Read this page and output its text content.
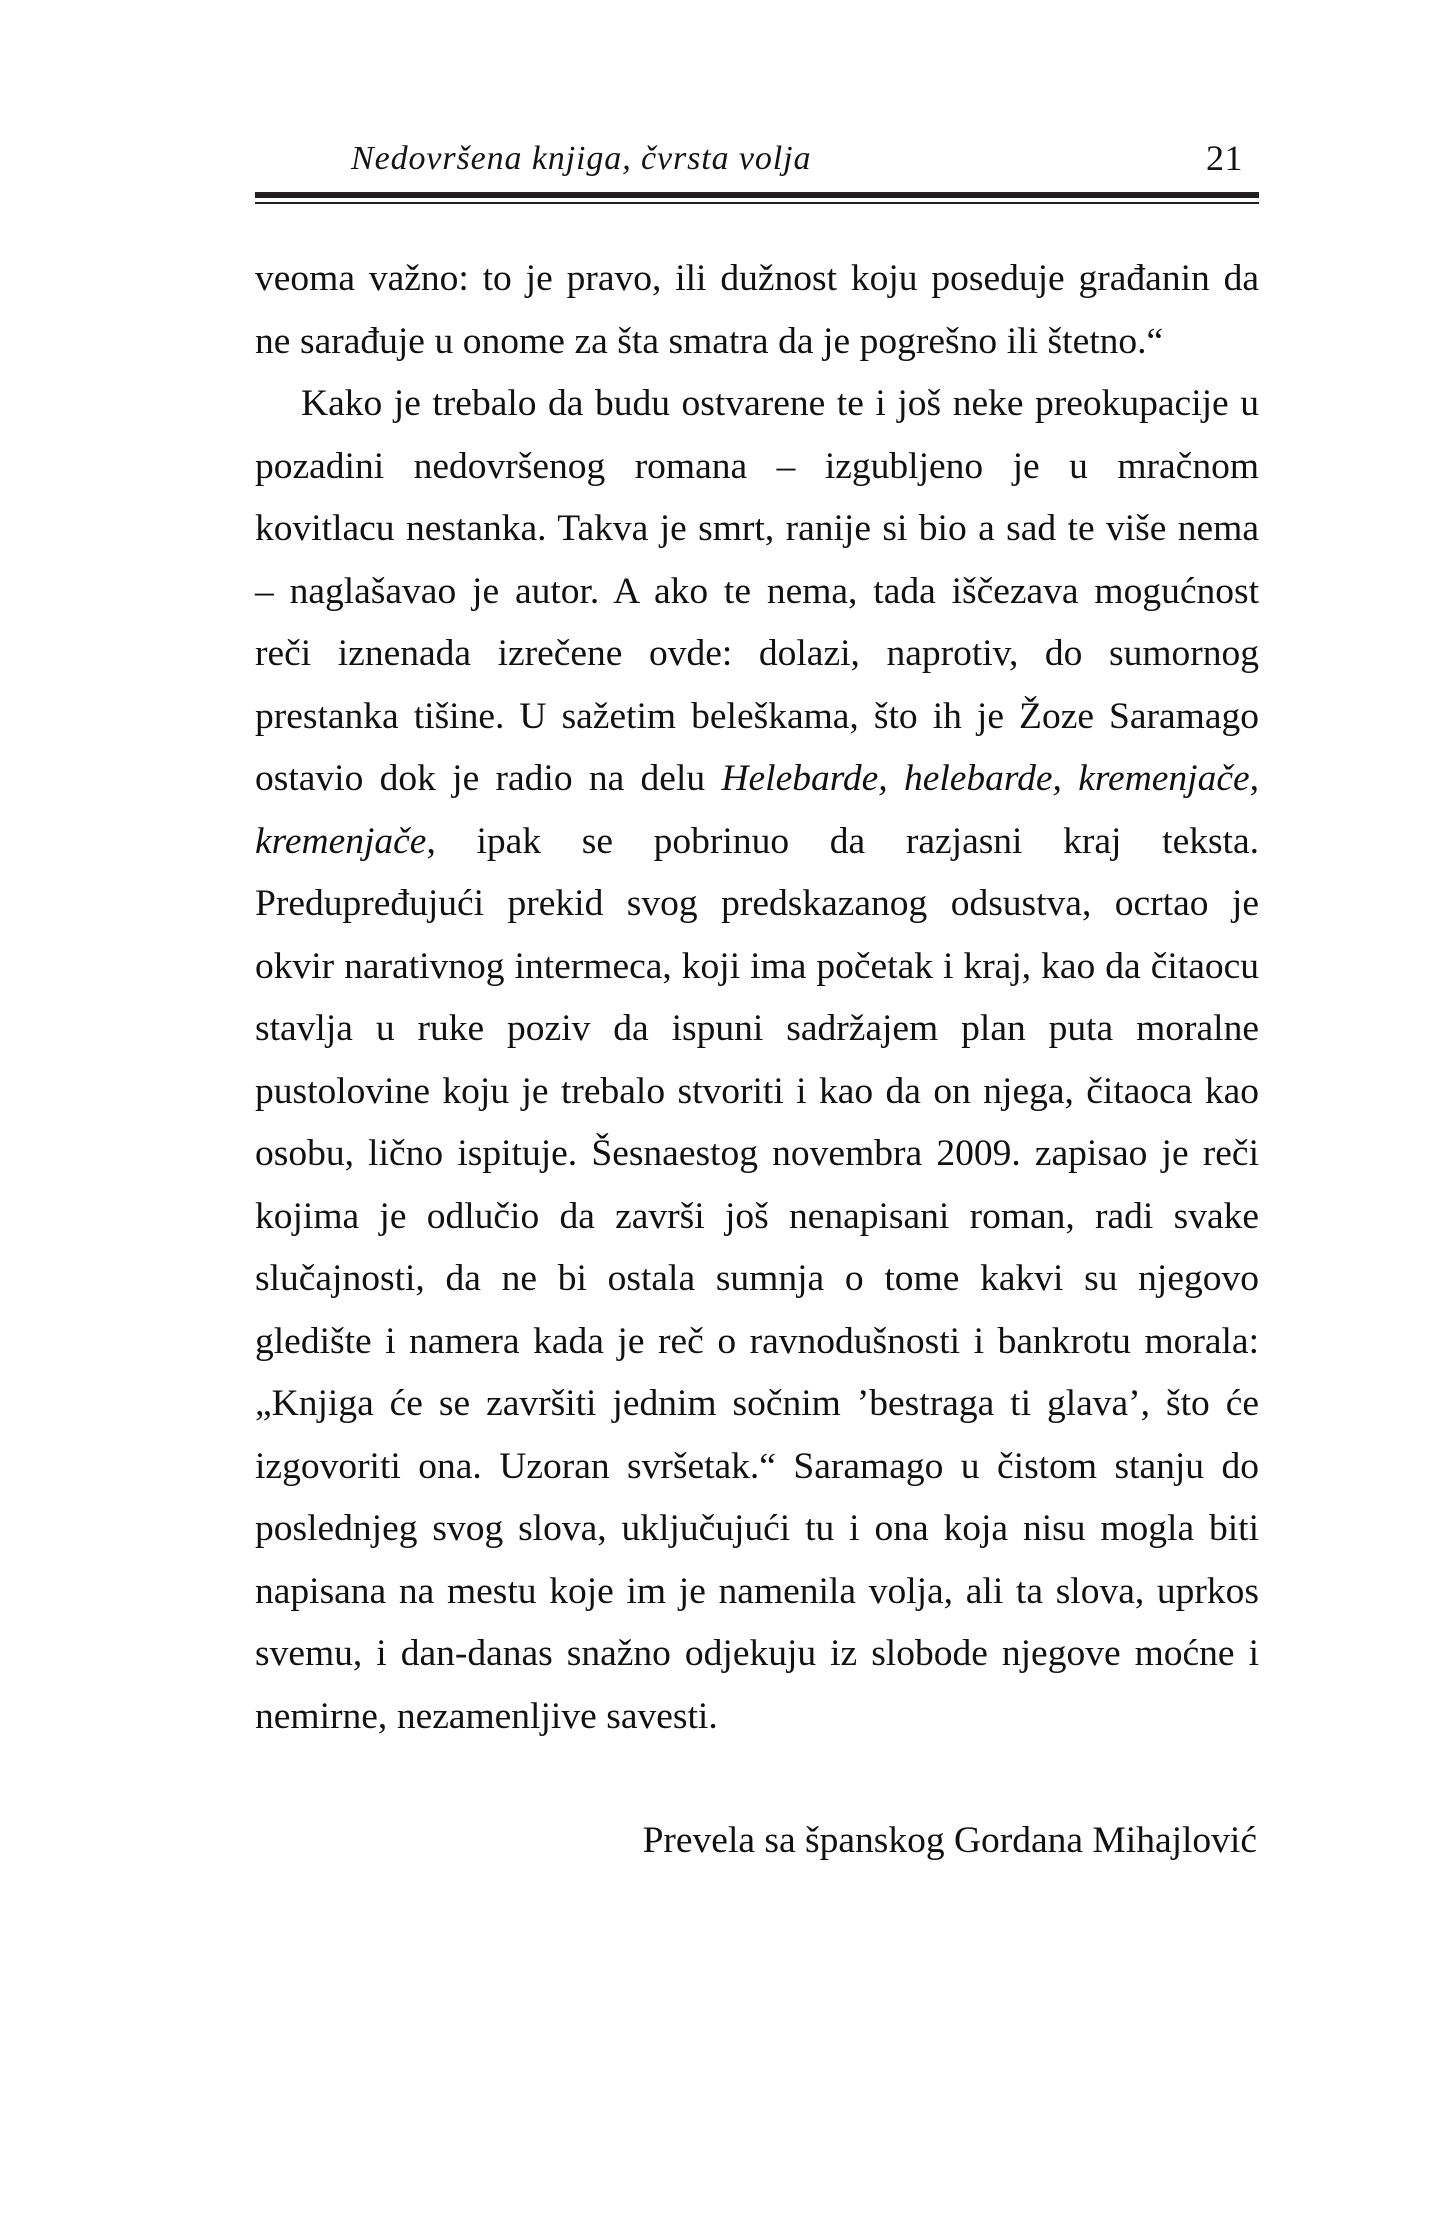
Nedovršena knjiga, čvrsta volja	21

veoma važno: to je pravo, ili dužnost koju poseduje građanin da ne sarađuje u onome za šta smatra da je pogrešno ili štetno.“

Kako je trebalo da budu ostvarene te i još neke preokupacije u pozadini nedovršenog romana – izgubljeno je u mračnom kovitlacu nestanka. Takva je smrt, ranije si bio a sad te više nema – naglašavao je autor. A ako te nema, tada iščezava mogućnost reči iznenada izrečene ovde: dolazi, naprotiv, do sumornog prestanka tišine. U sažetim beleškama, što ih je Žoze Saramago ostavio dok je radio na delu Helebarde, helebarde, kremenjače, kremenjače, ipak se pobrinuo da razjasni kraj teksta. Predupređujući prekid svog predskazanog odsustva, ocrtao je okvir narativnog intermeca, koji ima početak i kraj, kao da čitaocu stavlja u ruke poziv da ispuni sadržajem plan puta moralne pustolovine koju je trebalo stvoriti i kao da on njega, čitaoca kao osobu, lično ispituje. Šesnaestog novembra 2009. zapisao je reči kojima je odlučio da završi još nenapisani roman, radi svake slučajnosti, da ne bi ostala sumnja o tome kakvi su njegovo gledište i namera kada je reč o ravnodušnosti i bankrotu morala: „Knjiga će se završiti jednim sočnim ’bestraga ti glava’, što će izgovoriti ona. Uzoran svršetak.“ Saramago u čistom stanju do poslednjeg svog slova, uključujući tu i ona koja nisu mogla biti napisana na mestu koje im je namenila volja, ali ta slova, uprkos svemu, i dan-danas snažno odjekuju iz slobode njegove moćne i nemirne, nezamenljive savesti.

Prevela sa španskog Gordana Mihajlović
